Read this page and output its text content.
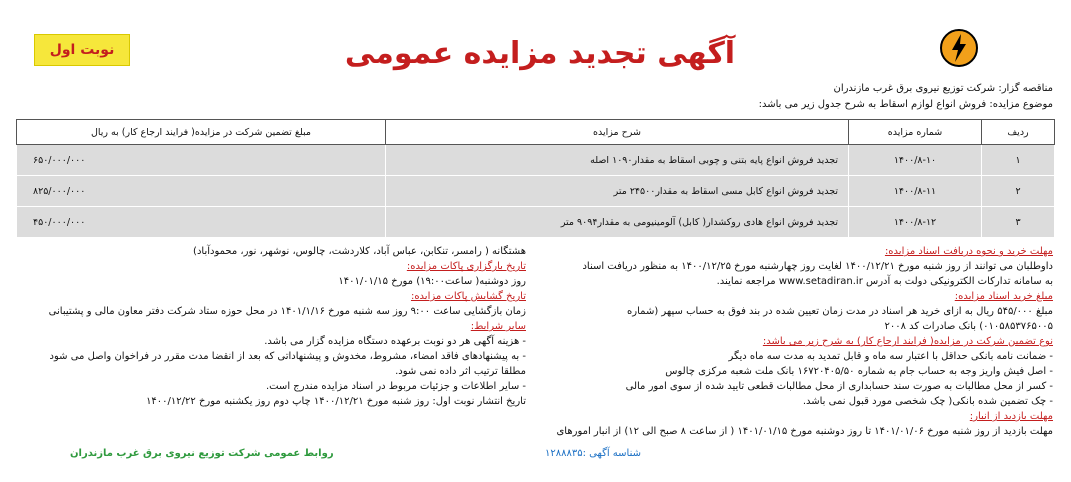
نوبت اول	آگهی تجدید مزایده عمومی
مناقصه گزار: شرکت توزیع نیروی برق غرب مازندران
موضوع مزایده: فروش انواع لوازم اسقاط به شرح جدول زیر می باشد:
ردیف	شماره مزایده	شرح مزایده	مبلغ تضمین شرکت در مزایده( فرایند ارجاع کار) به ریال
۱	۱۴۰۰/۸-۱۰	تجدید فروش انواع پایه بتنی و چوبی اسقاط به مقدار۱۰۹۰ اصله	۶۵۰/۰۰۰/۰۰۰
۲	۱۴۰۰/۸-۱۱	تجدید فروش انواع کابل مسی اسقاط به مقدار۲۴۵۰۰ متر	۸۲۵/۰۰۰/۰۰۰
۳	۱۴۰۰/۸-۱۲	تجدید فروش انواع هادی روکشدار( کابل) آلومینیومی به مقدار۹۰۹۴ متر	۴۵۰/۰۰۰/۰۰۰
مهلت خرید و نحوه دریافت اسناد مزایده:
داوطلبان می توانند از روز شنبه مورخ ۱۴۰۰/۱۲/۲۱ لغایت روز چهارشنبه مورخ ۱۴۰۰/۱۲/۲۵ به منظور دریافت اسناد
به سامانه تدارکات الکترونیکی دولت به آدرس www.setadiran.ir مراجعه نمایند.
مبلغ خرید اسناد مزایده:
مبلغ ۵۴۵/۰۰۰ ریال به ازای خرید هر اسناد در مدت زمان تعیین شده در بند فوق به حساب سپهر (شماره
۰۱۰۵۸۵۳۷۶۵۰۰۵) بانک صادرات کد ۲۰۰۸
نوع تضمین شرکت در مزایده( فرایند ارجاع کار) به شرح زیر می باشد:
- ضمانت نامه بانکی حداقل با اعتبار سه ماه و قابل تمدید به مدت سه ماه دیگر
- اصل فیش واریز وجه به حساب جام به شماره ۱۶۷۲۰۴۰۵/۵۰ بانک ملت شعبه مرکزی چالوس
- کسر از محل مطالبات به صورت سند حسابداری از محل مطالبات قطعی تایید شده از سوی امور مالی
- چک تضمین شده بانکی( چک شخصی مورد قبول نمی باشد.
مهلت بازدید از انبار:
مهلت بازدید از روز شنبه مورخ ۱۴۰۱/۰۱/۰۶ تا روز دوشنبه مورخ ۱۴۰۱/۰۱/۱۵ ( از ساعت ۸ صبح الی ۱۲) از انبار امورهای
هشتگانه ( رامسر، تنکابن، عباس آباد، کلاردشت، چالوس، نوشهر، نور، محمودآباد)
تاریخ بارگزاری پاکات مزایده:
روز دوشنبه( ساعت۱۹:۰۰) مورخ ۱۴۰۱/۰۱/۱۵
تاریخ گشایش پاکات مزایده:
زمان بازگشایی ساعت ۹:۰۰ روز سه شنبه مورخ ۱۴۰۱/۱/۱۶ در محل حوزه ستاد شرکت دفتر معاون مالی و پشتیبانی
سایر شرایط:
- هزینه آگهی هر دو نوبت برعهده دستگاه مزایده گزار می باشد.
- به پیشنهادهای فاقد امضاء، مشروط، مخدوش و پیشنهاداتی که بعد از انقضا مدت مقرر در فراخوان واصل می شود
مطلقا ترتیب اثر داده نمی شود.
- سایر اطلاعات و جزئیات مربوط در اسناد مزایده مندرج است.
تاریخ انتشار نوبت اول: روز شنبه مورخ ۱۴۰۰/۱۲/۲۱ چاپ دوم روز یکشنبه مورخ ۱۴۰۰/۱۲/۲۲
شناسه آگهی :۱۲۸۸۸۳۵
روابط عمومی شرکت توزیع نیروی برق غرب مازندران
